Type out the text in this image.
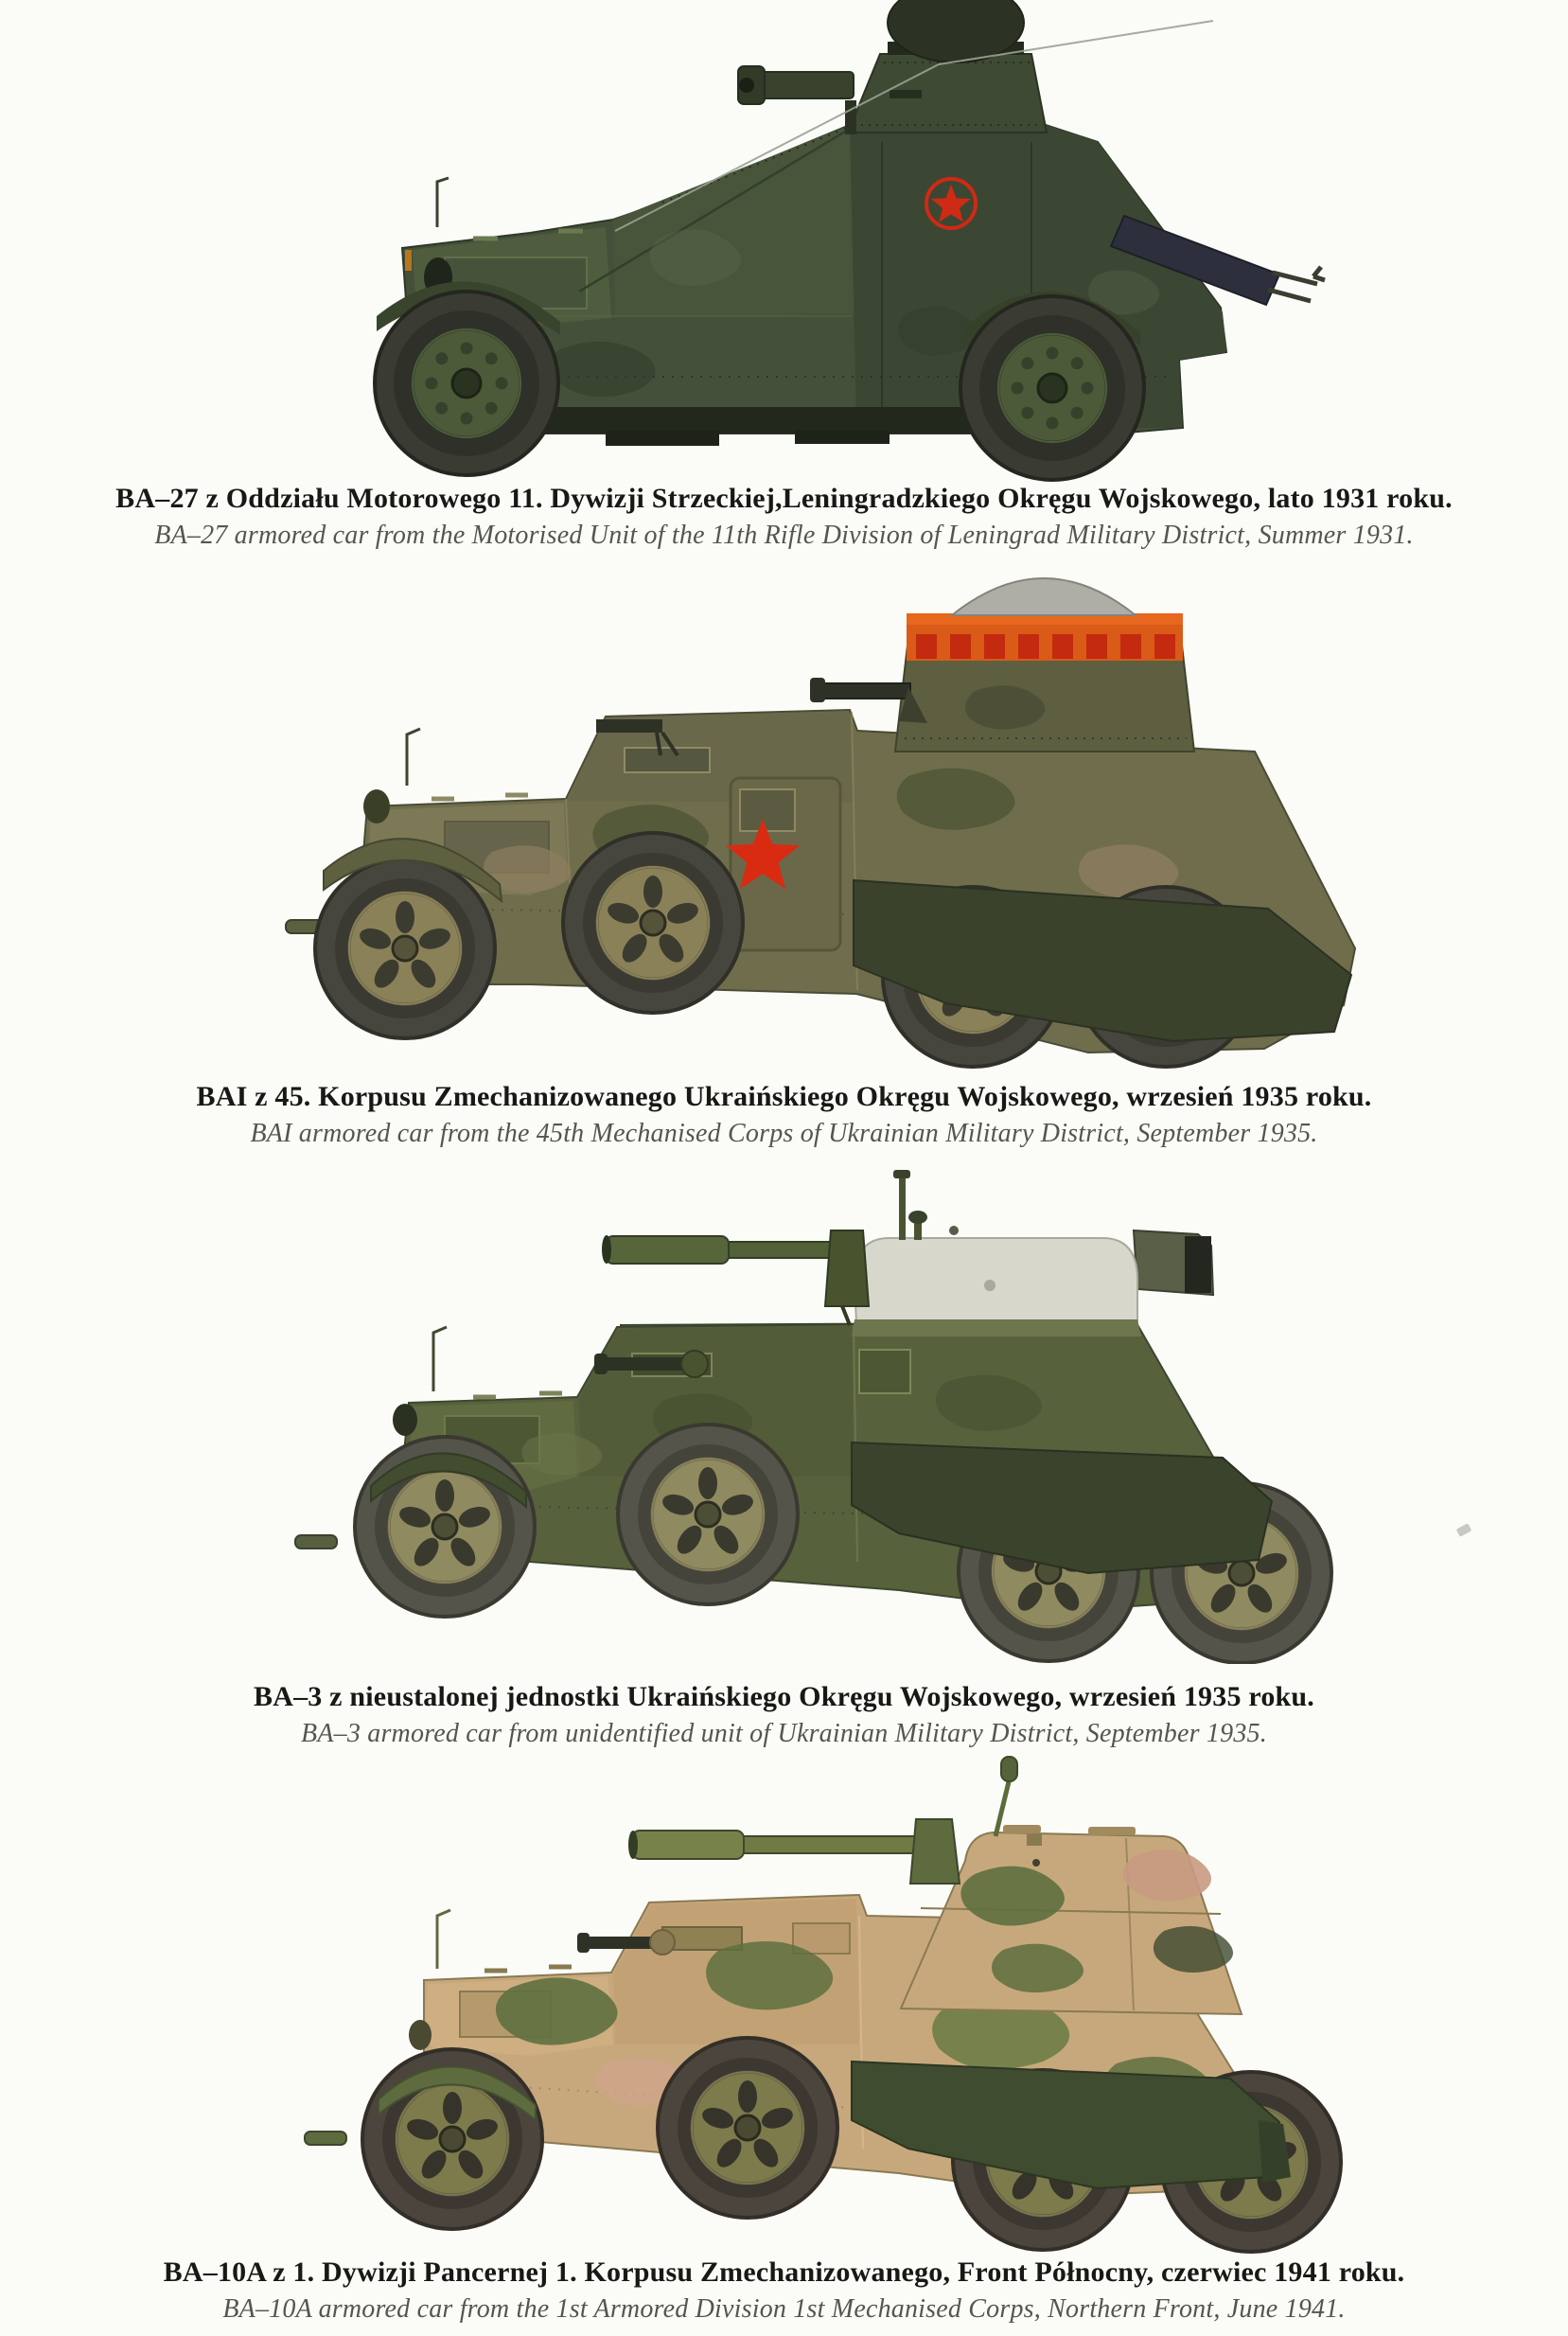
BA–27 z Oddziału Motorowego 11. Dywizji Strzeckiej,Leningradzkiego Okręgu Wojskowego, lato 1931 roku.
BA–27 armored car from the Motorised Unit of the 11th Rifle Division of Leningrad Military District, Summer 1931.
BAI z 45. Korpusu Zmechanizowanego Ukraińskiego Okręgu Wojskowego, wrzesień 1935 roku.
BAI armored car from the 45th Mechanised Corps of Ukrainian Military District, September 1935.
BA–3 z nieustalonej jednostki Ukraińskiego Okręgu Wojskowego, wrzesień 1935 roku.
BA–3 armored car from unidentified unit of Ukrainian Military District, September 1935.
BA–10A z 1. Dywizji Pancernej 1. Korpusu Zmechanizowanego, Front Północny, czerwiec 1941 roku.
BA–10A armored car from the 1st Armored Division 1st Mechanised Corps, Northern Front, June 1941.
